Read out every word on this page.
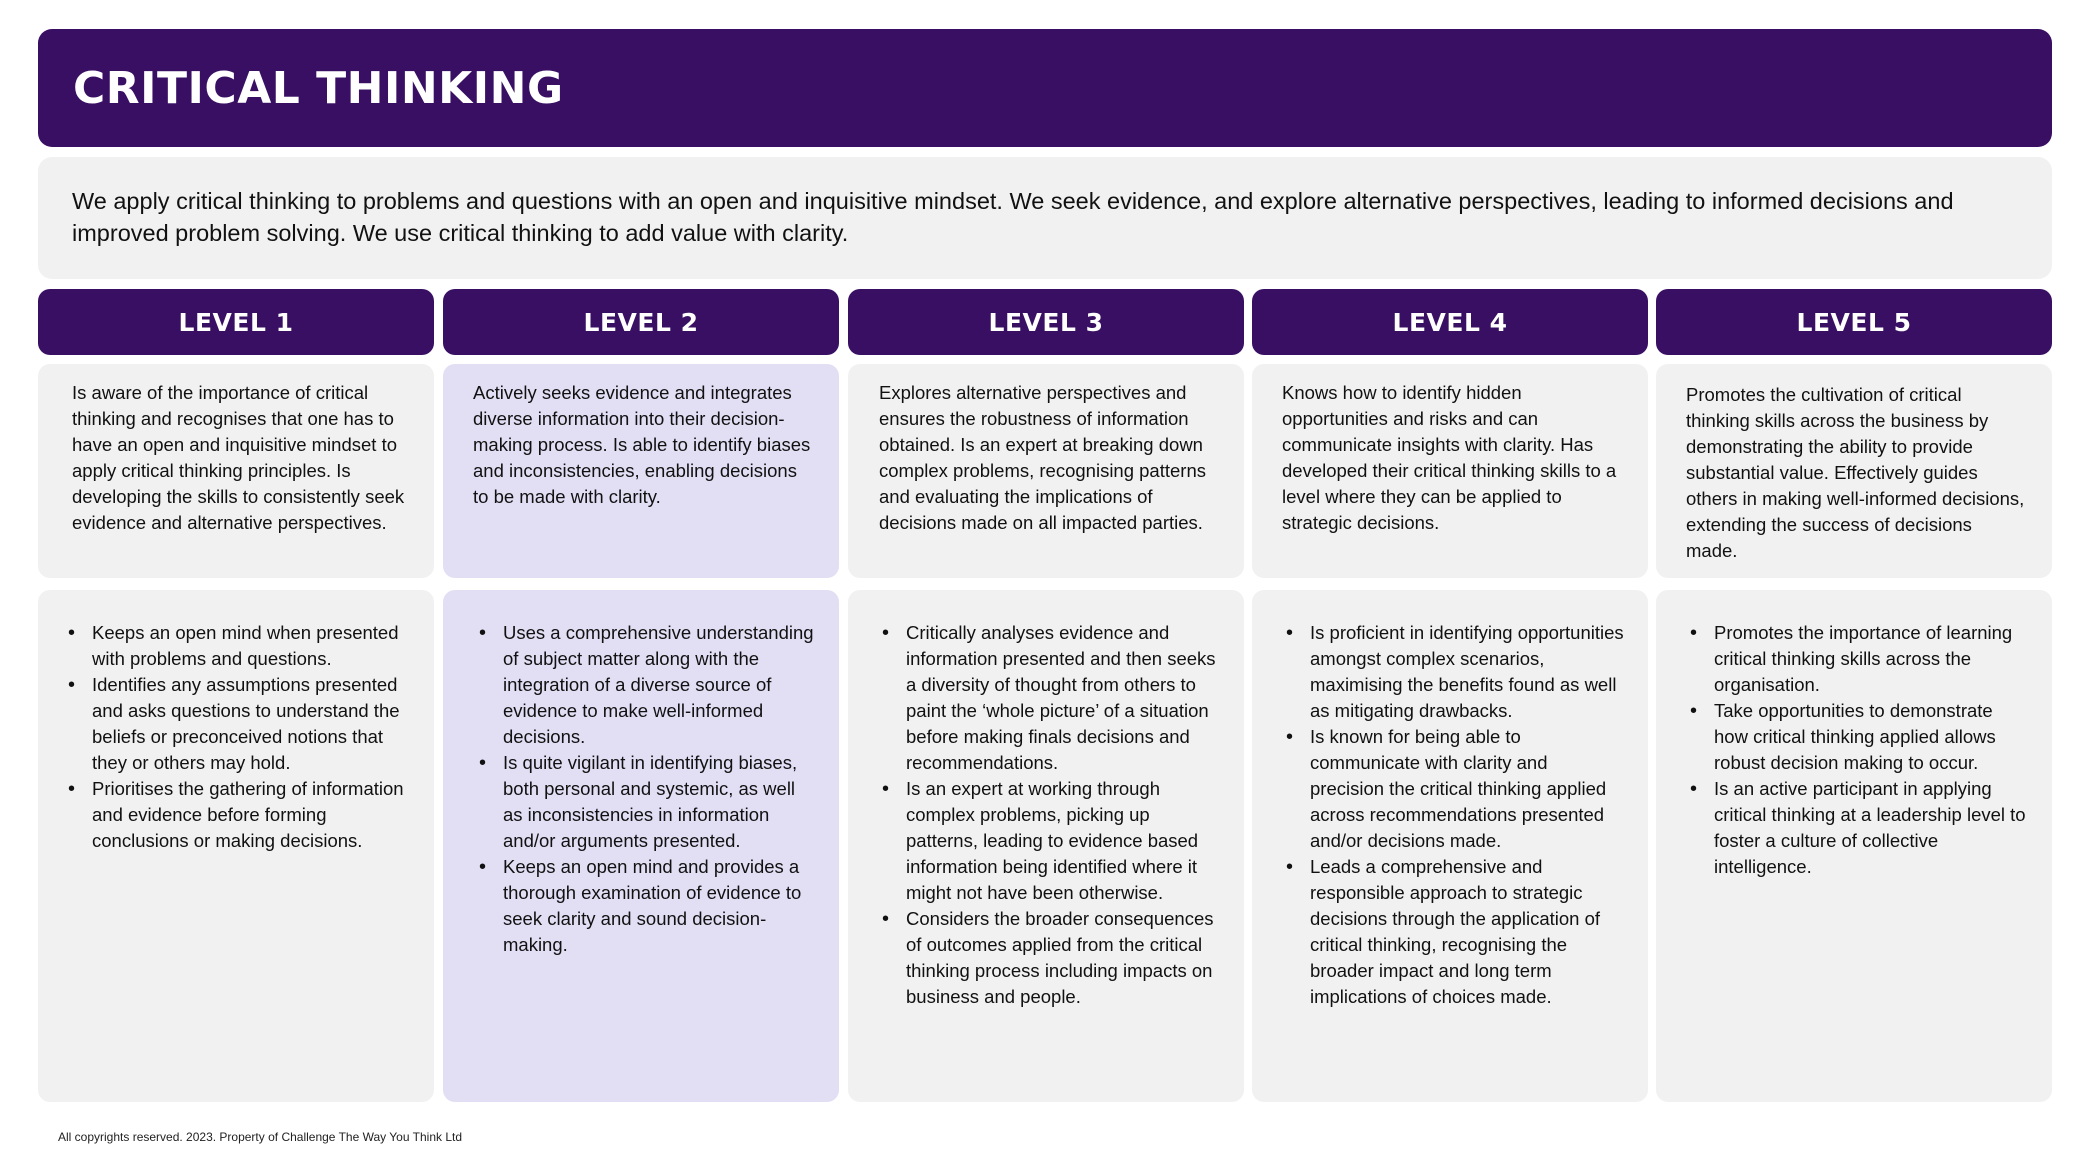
CRITICAL THINKING

We apply critical thinking to problems and questions with an open and inquisitive mindset. We seek evidence, and explore alternative perspectives, leading to informed decisions and improved problem solving. We use critical thinking to add value with clarity.

LEVEL 1

Is aware of the importance of critical thinking and recognises that one has to have an open and inquisitive mindset to apply critical thinking principles. Is developing the skills to consistently seek evidence and alternative perspectives.

• Keeps an open mind when presented with problems and questions.
• Identifies any assumptions presented and asks questions to understand the beliefs or preconceived notions that they or others may hold.
• Prioritises the gathering of information and evidence before forming conclusions or making decisions.
LEVEL 2

Actively seeks evidence and integrates diverse information into their decision-making process. Is able to identify biases and inconsistencies, enabling decisions to be made with clarity.

• Uses a comprehensive understanding of subject matter along with the integration of a diverse source of evidence to make well-informed decisions.
• Is quite vigilant in identifying biases, both personal and systemic, as well as inconsistencies in information and/or arguments presented.
• Keeps an open mind and provides a thorough examination of evidence to seek clarity and sound decision-making.
LEVEL 3

Explores alternative perspectives and ensures the robustness of information obtained. Is an expert at breaking down complex problems, recognising patterns and evaluating the implications of decisions made on all impacted parties.

• Critically analyses evidence and information presented and then seeks a diversity of thought from others to paint the ‘whole picture’ of a situation before making finals decisions and recommendations.
• Is an expert at working through complex problems, picking up patterns, leading to evidence based information being identified where it might not have been otherwise.
• Considers the broader consequences of outcomes applied from the critical thinking process including impacts on business and people.
LEVEL 4

Knows how to identify hidden opportunities and risks and can communicate insights with clarity. Has developed their critical thinking skills to a level where they can be applied to strategic decisions.

• Is proficient in identifying opportunities amongst complex scenarios, maximising the benefits found as well as mitigating drawbacks.
• Is known for being able to communicate with clarity and precision the critical thinking applied across recommendations presented and/or decisions made.
• Leads a comprehensive and responsible approach to strategic decisions through the application of critical thinking, recognising the broader impact and long term implications of choices made.
LEVEL 5

Promotes the cultivation of critical thinking skills across the business by demonstrating the ability to provide substantial value. Effectively guides others in making well-informed decisions, extending the success of decisions made.

• Promotes the importance of learning critical thinking skills across the organisation.
• Take opportunities to demonstrate how critical thinking applied allows robust decision making to occur.
• Is an active participant in applying critical thinking at a leadership level to foster a culture of collective intelligence.
All copyrights reserved. 2023. Property of Challenge The Way You Think Ltd
